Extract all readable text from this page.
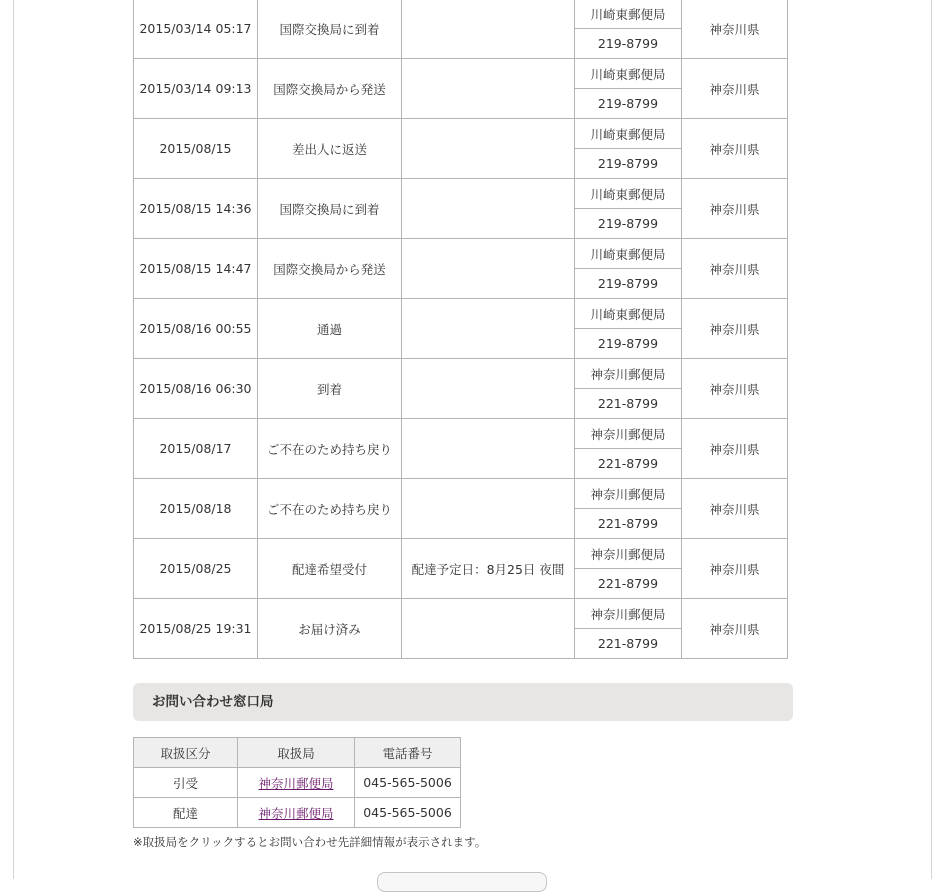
2015/03/14 05:17	国際交換局に到着		川崎東郵便局	神奈川県
			219-8799	
2015/03/14 09:13	国際交換局から発送		川崎東郵便局	神奈川県
			219-8799	
2015/08/15	差出人に返送		川崎東郵便局	神奈川県
			219-8799	
2015/08/15 14:36	国際交換局に到着		川崎東郵便局	神奈川県
			219-8799	
2015/08/15 14:47	国際交換局から発送		川崎東郵便局	神奈川県
			219-8799	
2015/08/16 00:55	通過		川崎東郵便局	神奈川県
			219-8799	
2015/08/16 06:30	到着		神奈川郵便局	神奈川県
			221-8799	
2015/08/17	ご不在のため持ち戻り		神奈川郵便局	神奈川県
			221-8799	
2015/08/18	ご不在のため持ち戻り		神奈川郵便局	神奈川県
			221-8799	
2015/08/25	配達希望受付	配達予定日：8月25日 夜間	神奈川郵便局	神奈川県
			221-8799	
2015/08/25 19:31	お届け済み		神奈川郵便局	神奈川県
			221-8799	
お問い合わせ窓口局
取扱区分	取扱局	電話番号
引受	神奈川郵便局	045-565-5006
配達	神奈川郵便局	045-565-5006
※取扱局をクリックするとお問い合わせ先詳細情報が表示されます。
